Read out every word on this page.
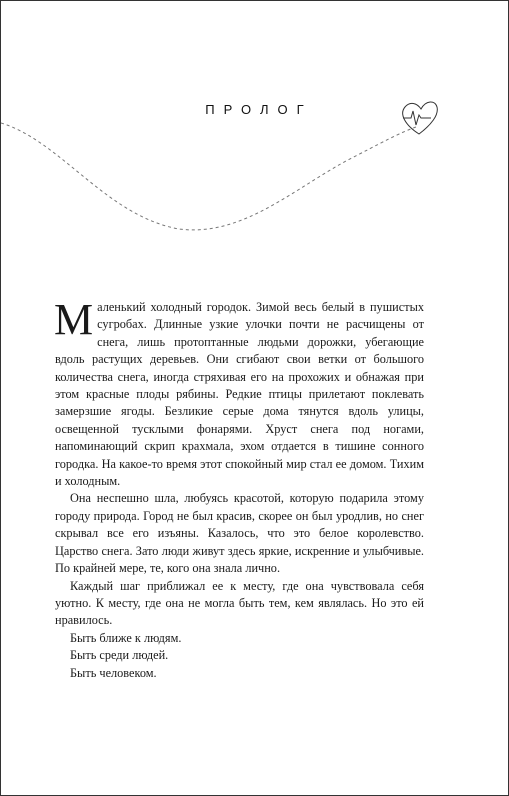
ПРОЛОГ

Маленький холодный городок. Зимой весь белый в пушистых сугробах. Длинные узкие улочки почти не расчищены от снега, лишь протоптанные людьми дорожки, убегающие вдоль растущих деревьев. Они сгибают свои ветки от большого количества снега, иногда стряхивая его на прохожих и обнажая при этом красные плоды рябины. Редкие птицы прилетают поклевать замерзшие ягоды. Безликие серые дома тянутся вдоль улицы, освещенной тусклыми фонарями. Хруст снега под ногами, напоминающий скрип крахмала, эхом отдается в тишине сонного городка. На какое-то время этот спокойный мир стал ее домом. Тихим и холодным.

Она неспешно шла, любуясь красотой, которую подарила этому городу природа. Город не был красив, скорее он был уродлив, но снег скрывал все его изъяны. Казалось, что это белое королевство. Царство снега. Зато люди живут здесь яркие, искренние и улыбчивые. По крайней мере, те, кого она знала лично.

Каждый шаг приближал ее к месту, где она чувствовала себя уютно. К месту, где она не могла быть тем, кем являлась. Но это ей нравилось.

Быть ближе к людям.

Быть среди людей.

Быть человеком.
